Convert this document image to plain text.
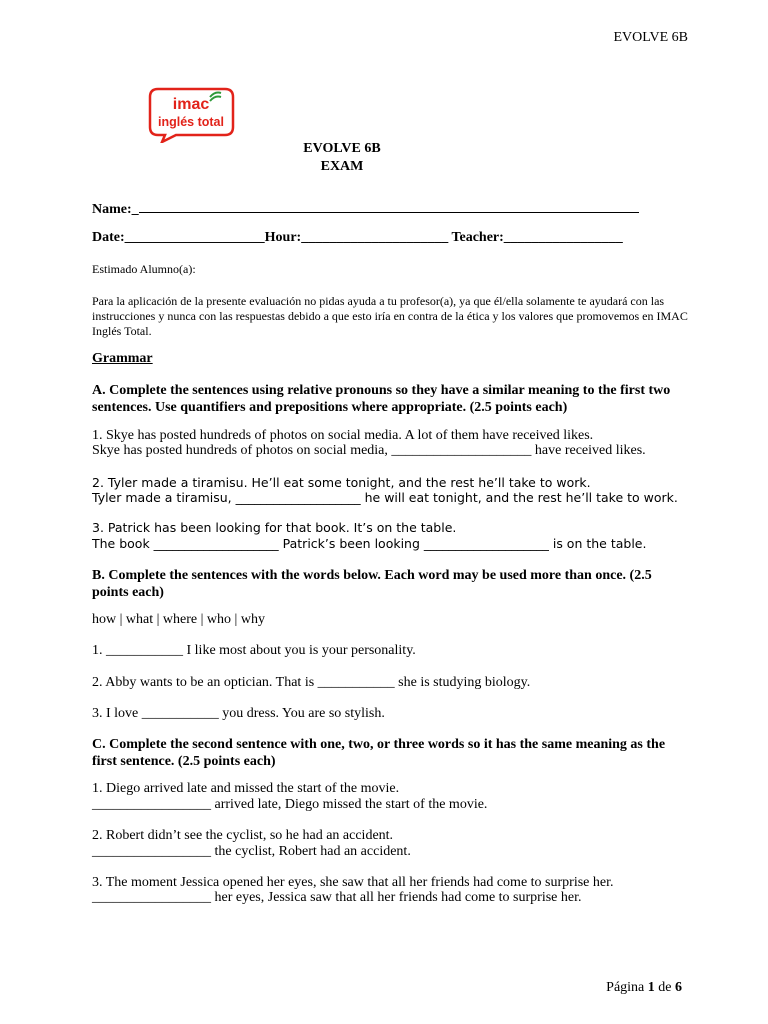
EVOLVE 6B
imac
inglés total
EVOLVE 6B
EXAM
Name:_
Date:____________________Hour:_____________________ Teacher:_________________
Estimado Alumno(a):
Para la aplicación de la presente evaluación no pidas ayuda a tu profesor(a), ya que él/ella solamente te ayudará con las instrucciones y nunca con las respuestas debido a que esto iría en contra de la ética y los valores que promovemos en IMAC Inglés Total.
Grammar
A. Complete the sentences using relative pronouns so they have a similar meaning to the first two sentences. Use quantifiers and prepositions where appropriate. (2.5 points each)
1. Skye has posted hundreds of photos on social media. A lot of them have received likes.
Skye has posted hundreds of photos on social media, ____________________ have received likes.
2. Tyler made a tiramisu. He’ll eat some tonight, and the rest he’ll take to work.
Tyler made a tiramisu, ____________________ he will eat tonight, and the rest he’ll take to work.
3. Patrick has been looking for that book. It’s on the table.
The book ____________________ Patrick’s been looking ____________________ is on the table.
B. Complete the sentences with the words below. Each word may be used more than once. (2.5 points each)
how | what | where | who | why
1. ___________ I like most about you is your personality.
2. Abby wants to be an optician. That is ___________ she is studying biology.
3. I love ___________ you dress. You are so stylish.
C. Complete the second sentence with one, two, or three words so it has the same meaning as the first sentence. (2.5 points each)
1. Diego arrived late and missed the start of the movie.
_________________ arrived late, Diego missed the start of the movie.
2. Robert didn’t see the cyclist, so he had an accident.
_________________ the cyclist, Robert had an accident.
3. The moment Jessica opened her eyes, she saw that all her friends had come to surprise her.
_________________ her eyes, Jessica saw that all her friends had come to surprise her.
Página 1 de 6
